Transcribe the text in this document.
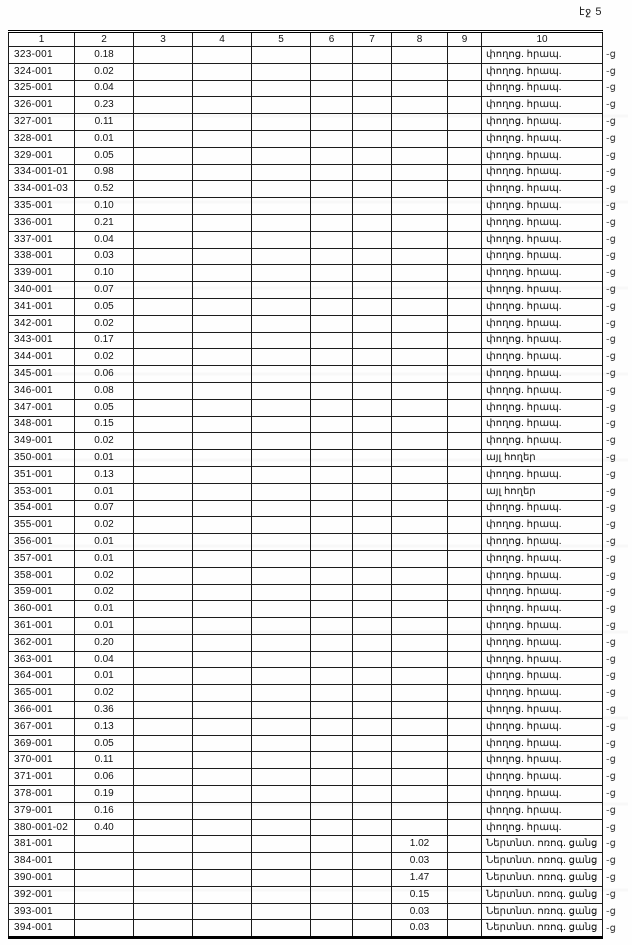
էջ 5
1	2	3	4	5	6	7	8	9	10	
323-001	0.18								փողոց. հրապ.	֊ց
324-001	0.02								փողոց. հրապ.	֊ց
325-001	0.04								փողոց. հրապ.	֊ց
326-001	0.23								փողոց. հրապ.	֊ց
327-001	0.11								փողոց. հրապ.	֊ց
328-001	0.01								փողոց. հրապ.	֊ց
329-001	0.05								փողոց. հրապ.	֊ց
334-001-01	0.98								փողոց. հրապ.	֊ց
334-001-03	0.52								փողոց. հրապ.	֊ց
335-001	0.10								փողոց. հրապ.	֊ց
336-001	0.21								փողոց. հրապ.	֊ց
337-001	0.04								փողոց. հրապ.	֊ց
338-001	0.03								փողոց. հրապ.	֊ց
339-001	0.10								փողոց. հրապ.	֊ց
340-001	0.07								փողոց. հրապ.	֊ց
341-001	0.05								փողոց. հրապ.	֊ց
342-001	0.02								փողոց. հրապ.	֊ց
343-001	0.17								փողոց. հրապ.	֊ց
344-001	0.02								փողոց. հրապ.	֊ց
345-001	0.06								փողոց. հրապ.	֊ց
346-001	0.08								փողոց. հրապ.	֊ց
347-001	0.05								փողոց. հրապ.	֊ց
348-001	0.15								փողոց. հրապ.	֊ց
349-001	0.02								փողոց. հրապ.	֊ց
350-001	0.01								այլ հողեր	֊ց
351-001	0.13								փողոց. հրապ.	֊ց
353-001	0.01								այլ հողեր	֊ց
354-001	0.07								փողոց. հրապ.	֊ց
355-001	0.02								փողոց. հրապ.	֊ց
356-001	0.01								փողոց. հրապ.	֊ց
357-001	0.01								փողոց. հրապ.	֊ց
358-001	0.02								փողոց. հրապ.	֊ց
359-001	0.02								փողոց. հրապ.	֊ց
360-001	0.01								փողոց. հրապ.	֊ց
361-001	0.01								փողոց. հրապ.	֊ց
362-001	0.20								փողոց. հրապ.	֊ց
363-001	0.04								փողոց. հրապ.	֊ց
364-001	0.01								փողոց. հրապ.	֊ց
365-001	0.02								փողոց. հրապ.	֊ց
366-001	0.36								փողոց. հրապ.	֊ց
367-001	0.13								փողոց. հրապ.	֊ց
369-001	0.05								փողոց. հրապ.	֊ց
370-001	0.11								փողոց. հրապ.	֊ց
371-001	0.06								փողոց. հրապ.	֊ց
378-001	0.19								փողոց. հրապ.	֊ց
379-001	0.16								փողոց. հրապ.	֊ց
380-001-02	0.40								փողոց. հրապ.	֊ց
381-001							1.02		Ներտնտ. ոռոգ. ցանց	֊ց
384-001							0.03		Ներտնտ. ոռոգ. ցանց	֊ց
390-001							1.47		Ներտնտ. ոռոգ. ցանց	֊ց
392-001							0.15		Ներտնտ. ոռոգ. ցանց	֊ց
393-001							0.03		Ներտնտ. ոռոգ. ցանց	֊ց
394-001							0.03		Ներտնտ. ոռոգ. ցանց	֊ց
